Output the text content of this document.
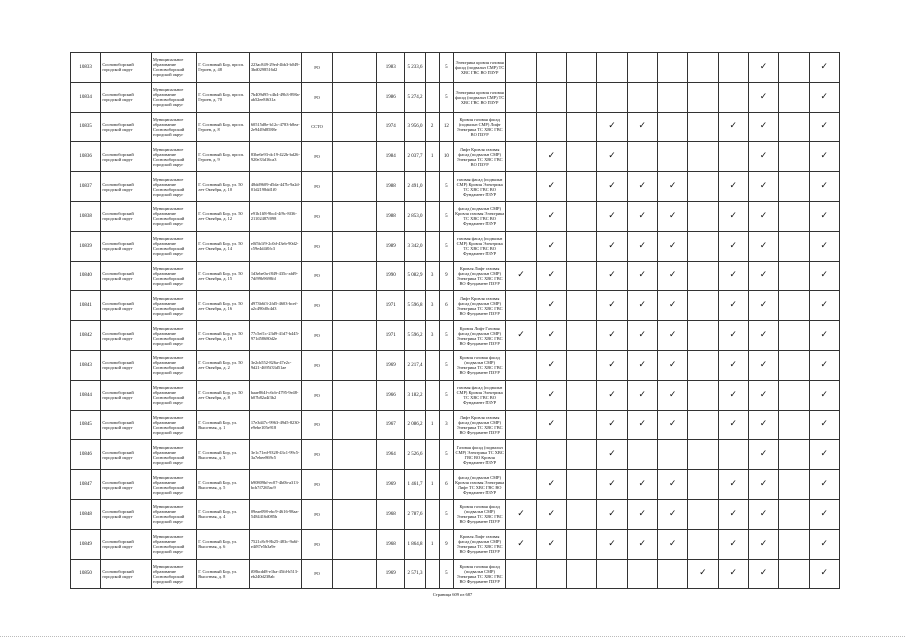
10833	Сосновоборский городской округ	Муниципальное образование Сосновоборский городской округ	Г. Сосновый Бор, просп. Героев, д. 48	223ac849-29ed-4bb3-b049-3bd0298516d2	PO		1983	5 233,6		5	Электрика кровля газовая фасад (подвальн СМР) ТС ХВС ГВС ВО ПЗУР									✓		✓
10834	Сосновоборский городской округ	Муниципальное образование Сосновоборский городской округ	Г. Сосновый Бор, просп. Героев, д. 70	7b409d95-c4b4-49b3-898a-ab52ee8f631a	PO		1986	5 274,2		5	Электрика кровля газовая фасад (подвальн СМР) ТС ХВС ГВС ВО ПЗУР									✓		✓
10835	Сосновоборский городской округ	Муниципальное образование Сосновоборский городской округ	Г. Сосновый Бор, просп. Героев, д. 8	60515d8e-b12c-4783-b8ea-2e9449d8588e	CCTO		1974	3 956,0	2	12	Кровля газовая фасад (подвальн СМР) Лифт Электрика ТС ХВС ГВС ВО ПЗУР				✓	✓			✓	✓		✓
10836	Сосновоборский городской округ	Муниципальное образование Сосновоборский городской округ	Г. Сосновый Бор, просп. Героев, д. 9	83be6e93-dc19-422b-bd26-920e33d16ca3	PO		1984	2 037,7	1	10	Лифт Кровля газовая фасад (подвальн СМР) Электрика ТС ХВС ГВС ВО ПЗУР		✓		✓					✓		✓
10837	Сосновоборский городской округ	Муниципальное образование Сосновоборский городской округ	Г. Сосновый Бор, ул. 50 лет Октября, д. 10	48dd9609-d5da-447b-9a2d-01d2198dd1f0	PO		1988	2 491,0		5	газовая фасад (подвальн СМР) Кровля Электрика ТС ХВС ГВС ВО Фундамент ПЗУР		✓		✓	✓	✓		✓	✓		✓
10838	Сосновоборский городской округ	Муниципальное образование Сосновоборский городской округ	Г. Сосновый Бор, ул. 50 лет Октября, д. 12	e91b1ff8-9bc4-4f9c-8f36-21102487f098	PO		1988	2 853,0		5	фасад (подвальн СМР) Кровля газовая Электрика ТС ХВС ГВС ВО Фундамент ПЗУР		✓		✓	✓	✓		✓	✓		✓
10839	Сосновоборский городской округ	Муниципальное образование Сосновоборский городской округ	Г. Сосновый Бор, ул. 50 лет Октября, д. 14	e0f5b1f9-2c0d-43eb-90d2-c59e4d4f0fc3	PO		1989	3 342,0		5	газовая фасад (подвальн СМР) Кровля Электрика ТС ХВС ГВС ВО Фундамент ПЗУР		✓		✓	✓	✓		✓	✓		✓
10840	Сосновоборский городской округ	Муниципальное образование Сосновоборский городской округ	Г. Сосновый Бор, ул. 50 лет Октября, д. 15	1d3ebe0a-f849-435c-afd9-7df99b9698fd	PO		1990	5 082,9	3	9	Кровля Лифт газовая фасад (подвальн СМР) Электрика ТС ХВС ГВС ВО Фундамент ПЗУР	✓	✓		✓	✓	✓		✓	✓		✓
10841	Сосновоборский городской округ	Муниципальное образование Сосновоборский городской округ	Г. Сосновый Бор, ул. 50 лет Октября, д. 16	d973b6f3-2fd5-4603-bcef-a2c490d0c4d3	PO		1971	5 596,8	3	6	Лифт Кровля газовая фасад (подвальн СМР) Электрика ТС ХВС ГВС ВО Фундамент ПЗУР		✓		✓	✓	✓		✓	✓		✓
10842	Сосновоборский городской округ	Муниципальное образование Сосновоборский городской округ	Г. Сосновый Бор, ул. 50 лет Октября, д. 19	77c5ef1c-23d9-41d7-b445-971d58680d2e	PO		1971	5 596,2	3	5	Кровля Лифт Газовая фасад (подвальн СМР) Электрика ТС ХВС ГВС ВО Фундамент ПЗУР	✓	✓		✓	✓	✓		✓	✓		✓
10843	Сосновоборский городской округ	Муниципальное образование Сосновоборский городской округ	Г. Сосновый Бор, ул. 50 лет Октября, д. 2	3e2cb552-826a-47e2c-9d21-4695f33d51ae	PO		1969	2 217,4		5	Кровля газовая фасад (подвальн СМР) Электрика ТС ХВС ГВС ВО Фундамент ПЗУР		✓		✓	✓	✓		✓	✓		✓
10844	Сосновоборский городской округ	Муниципальное образование Сосновоборский городской округ	Г. Сосновый Бор, ул. 50 лет Октября, д. 8	baae864f-c6cb-4795-9e48-b07b82a4f3b2	PO		1966	3 182,2		5	газовая фасад (подвальн СМР) Кровля Электрика ТС ХВС ГВС ВО Фундамент ПЗУР		✓		✓	✓	✓		✓	✓		✓
10845	Сосновоборский городской округ	Муниципальное образование Сосновоборский городской округ	Г. Сосновый Бор, ул. Высотная, д. 1	17e3d47c-9963-49d5-8230-e9ebe105e918	PO		1967	2 086,2	1	3	Лифт Кровля газовая фасад (подвальн СМР) Электрика ТС ХВС ГВС ВО Фундамент ПЗУР		✓		✓	✓	✓		✓	✓		✓
10846	Сосновоборский городской округ	Муниципальное образование Сосновоборский городской округ	Г. Сосновый Бор, ул. Высотная, д. 3	3e1c71ed-9328-43c1-99c5-3a7ebee869c5	PO		1964	2 526,6		5	Газовая фасад (подвальн СМР) Электрика ТС ХВС ГВС ВО Кровля Фундамент ПЗУР				✓					✓		✓
10847	Сосновоборский городской округ	Муниципальное образование Сосновоборский городской округ	Г. Сосновый Бор, ул. Высотная, д. 5	b90809bf-ec07-4b0b-a313-bcb7f7265ac9	PO		1969	1 461,7	1	6	фасад (подвальн СМР) Кровля газовая Электрика Лифт ТС ХВС ГВС ВО Фундамент ПЗУР		✓		✓	✓	✓		✓	✓		✓
10848	Сосновоборский городской округ	Муниципальное образование Сосновоборский городской округ	Г. Сосновый Бор, ул. Высотная, д. 4	09eae098-ebc9-4616-98aa-5484416d085b	PO		1968	2 787,6		5	Кровля газовая фасад (подвальн СМР) Электрика ТС ХВС ГВС ВО Фундамент ПЗУР	✓	✓		✓	✓	✓		✓	✓		✓
10849	Сосновоборский городской округ	Муниципальное образование Сосновоборский городской округ	Г. Сосновый Бор, ул. Высотная, д. 6	7521c8c9-8b25-483c-9a6f-e4f87e5b3a9e	PO		1968	1 864,8	1	9	Кровля Лифт газовая фасад (подвальн СМР) Электрика ТС ХВС ГВС ВО Фундамент ПЗУР	✓	✓		✓	✓	✓		✓	✓		✓
10850	Сосновоборский городской округ	Муниципальное образование Сосновоборский городской округ	Г. Сосновый Бор, ул. Высотная, д. 8	f08bcdd8-e1ba-45fd-b513-eb240d238ab	PO		1969	2 571,3		5	Кровля газовая фасад (подвальн СМР) Электрика ТС ХВС ГВС ВО Фундамент ПЗУР							✓	✓	✓		✓
Страница 609 из 687
